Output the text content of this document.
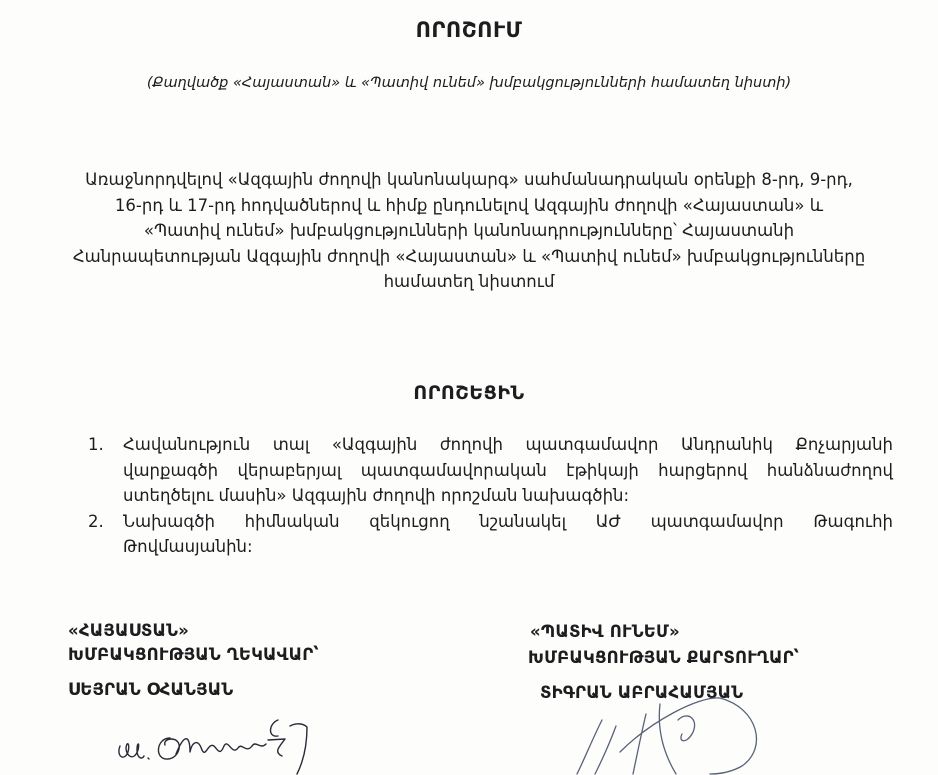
ՈՐՈՇՈՒՄ
(Քաղվածք «Հայաստան» և «Պատիվ ունեմ» խմբակցությունների համատեղ նիստի)
Առաջնորդվելով «Ազգային ժողովի կանոնակարգ» սահմանադրական օրենքի 8-րդ, 9-րդ,
16-րդ և 17-րդ հոդվածներով և հիմք ընդունելով Ազգային ժողովի «Հայաստան» և
«Պատիվ ունեմ» խմբակցությունների կանոնադրությունները՝ Հայաստանի
Հանրապետության Ազգային ժողովի «Հայաստան» և «Պատիվ ունեմ» խմբակցությունները
համատեղ նիստում
ՈՐՈՇԵՑԻՆ
1.	Հավանություն տալ «Ազգային ժողովի պատգամավոր Անդրանիկ Քոչարյանի
վարքագծի վերաբերյալ պատգամավորական էթիկայի հարցերով հանձնաժողով
ստեղծելու մասին» Ազգային ժողովի որոշման նախագծին:
2.	Նախագծի հիմնական զեկուցող նշանակել ԱԺ պատգամավոր Թագուհի
Թովմասյանին:
«ՀԱՅԱՍՏԱՆ»
ԽՄԲԱԿՑՈՒԹՅԱՆ ՂԵԿԱՎԱՐ՝
ՍԵՅՐԱՆ ՕՀԱՆՅԱՆ
«ՊԱՏԻՎ ՈՒՆԵՄ»
ԽՄԲԱԿՑՈՒԹՅԱՆ ՔԱՐՏՈՒՂԱՐ՝
ՏԻԳՐԱՆ ԱԲՐԱՀԱՄՅԱՆ
